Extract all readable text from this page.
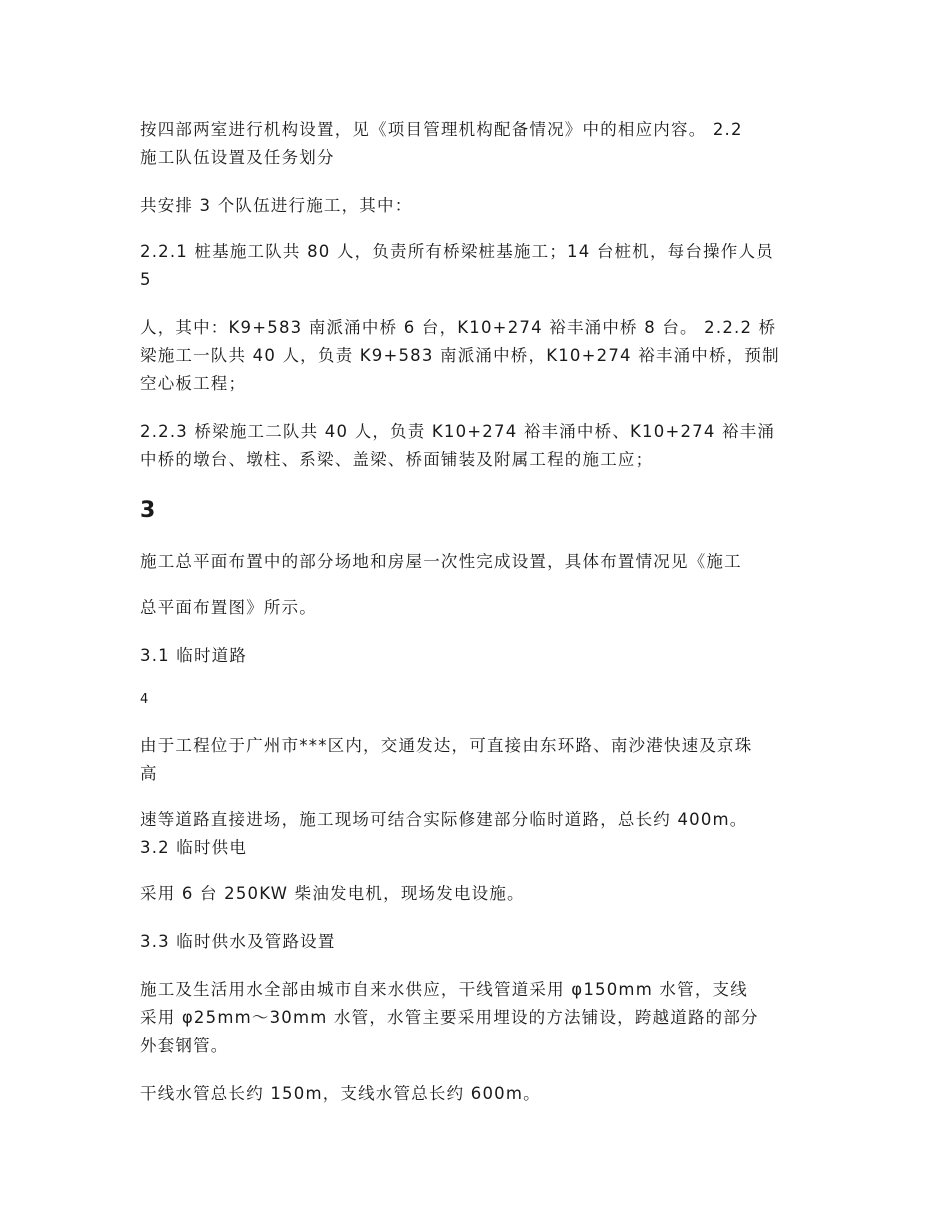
按四部两室进行机构设置，见《项目管理机构配备情况》中的相应内容。 2.2

施工队伍设置及任务划分

共安排 3 个队伍进行施工，其中：

2.2.1 桩基施工队共 80 人，负责所有桥梁桩基施工；14 台桩机，每台操作人员

5

人，其中：K9+583 南派涌中桥 6 台，K10+274 裕丰涌中桥 8 台。 2.2.2 桥

梁施工一队共 40 人，负责 K9+583 南派涌中桥，K10+274 裕丰涌中桥，预制

空心板工程；

2.2.3 桥梁施工二队共 40 人，负责 K10+274 裕丰涌中桥、K10+274 裕丰涌

中桥的墩台、墩柱、系梁、盖梁、桥面铺装及附属工程的施工应；

3

施工总平面布置中的部分场地和房屋一次性完成设置，具体布置情况见《施工

总平面布置图》所示。

3.1 临时道路

4

由于工程位于广州市***区内，交通发达，可直接由东环路、南沙港快速及京珠

高

速等道路直接进场，施工现场可结合实际修建部分临时道路，总长约 400m。

3.2 临时供电

采用 6 台 250KW 柴油发电机，现场发电设施。

3.3 临时供水及管路设置

施工及生活用水全部由城市自来水供应，干线管道采用 φ150mm 水管，支线

采用 φ25mm～30mm 水管，水管主要采用埋设的方法铺设，跨越道路的部分

外套钢管。

干线水管总长约 150m，支线水管总长约 600m。
